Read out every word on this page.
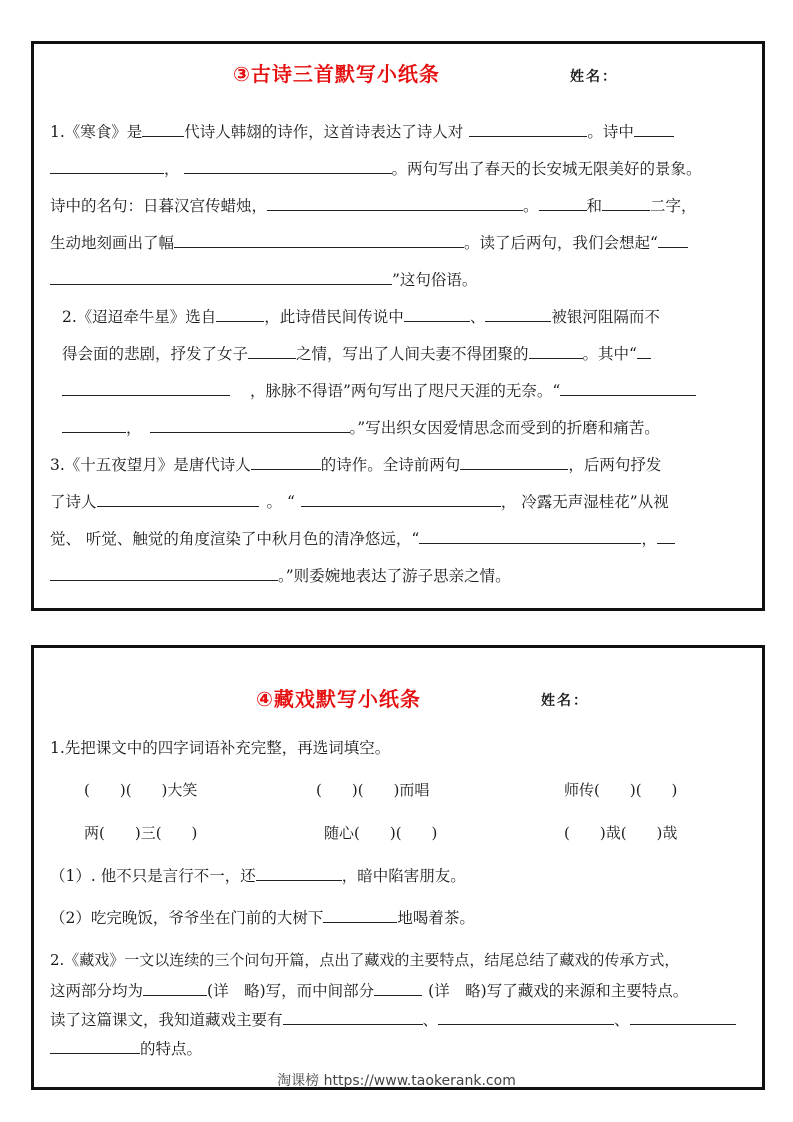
③古诗三首默写小纸条	姓名：
1.《寒食》是	代诗人韩翃的诗作，这首诗表达了诗人对	。诗中
，	。两句写出了春天的长安城无限美好的景象。
诗中的名句：日暮汉宫传蜡烛，	。	和	二字，
生动地刻画出了幅	。读了后两句，我们会想起“
”这句俗语。
2.《迢迢牵牛星》选自	，此诗借民间传说中	、	被银河阻隔而不
得会面的悲剧，抒发了女子	之情，写出了人间夫妻不得团聚的	。其中“
，脉脉不得语”两句写出了咫尺天涯的无奈。“
，	。”写出织女因爱情思念而受到的折磨和痛苦。
3.《十五夜望月》是唐代诗人	的诗作。全诗前两句	，后两句抒发
了诗人	。 “	， 冷露无声湿桂花”从视
觉、 听觉、触觉的角度渲染了中秋月色的清净悠远，“	，
。”则委婉地表达了游子思亲之情。
④藏戏默写小纸条	姓名：
1.先把课文中的四字词语补充完整，再选词填空。
(　　)(　　)大笑	(　　)(　　)而唱	师传(　　)(　　)
两(　　)三(　　)	随心(　　)(　　)	(　　)哉(　　)哉
（1）. 他不只是言行不一，还	，暗中陷害朋友。
（2）吃完晚饭，爷爷坐在门前的大树下	地喝着茶。
2.《藏戏》一文以连续的三个问句开篇，点出了藏戏的主要特点，结尾总结了藏戏的传承方式，
这两部分均为	(详　略)写，而中间部分	(详　略)写了藏戏的来源和主要特点。
读了这篇课文，我知道藏戏主要有	、	、
的特点。
淘课榜 https://www.taokerank.com
